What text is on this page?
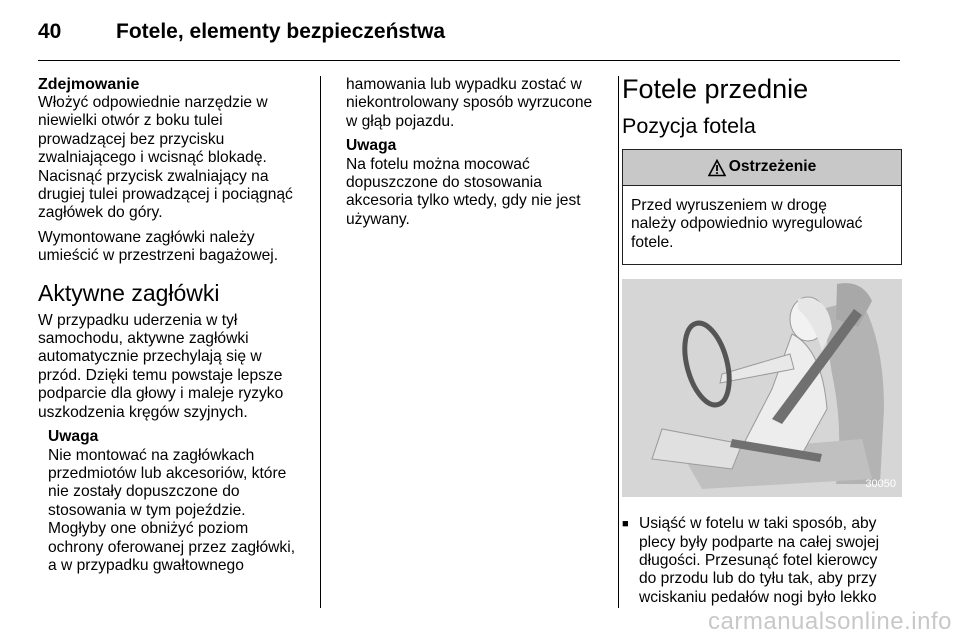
40	Fotele, elementy bezpieczeństwa
Zdejmowanie
Włożyć odpowiednie narzędzie w
niewielki otwór z boku tulei
prowadzącej bez przycisku
zwalniającego i wcisnąć blokadę.
Nacisnąć przycisk zwalniający na
drugiej tulei prowadzącej i pociągnąć
zagłówek do góry.
Wymontowane zagłówki należy
umieścić w przestrzeni bagażowej.
Aktywne zagłówki
W przypadku uderzenia w tył
samochodu, aktywne zagłówki
automatycznie przechylają się w
przód. Dzięki temu powstaje lepsze
podparcie dla głowy i maleje ryzyko
uszkodzenia kręgów szyjnych.
Uwaga
Nie montować na zagłówkach
przedmiotów lub akcesoriów, które
nie zostały dopuszczone do
stosowania w tym pojeździe.
Mogłyby one obniżyć poziom
ochrony oferowanej przez zagłówki,
a w przypadku gwałtownego
hamowania lub wypadku zostać w
niekontrolowany sposób wyrzucone
w głąb pojazdu.
Uwaga
Na fotelu można mocować
dopuszczone do stosowania
akcesoria tylko wtedy, gdy nie jest
używany.
Fotele przednie
Pozycja fotela
Ostrzeżenie
Przed wyruszeniem w drogę
należy odpowiednio wyregulować
fotele.
30050
■ Usiąść w fotelu w taki sposób, aby
plecy były podparte na całej swojej
długości. Przesunąć fotel kierowcy
do przodu lub do tyłu tak, aby przy
wciskaniu pedałów nogi było lekko
carmanualsonline.info
